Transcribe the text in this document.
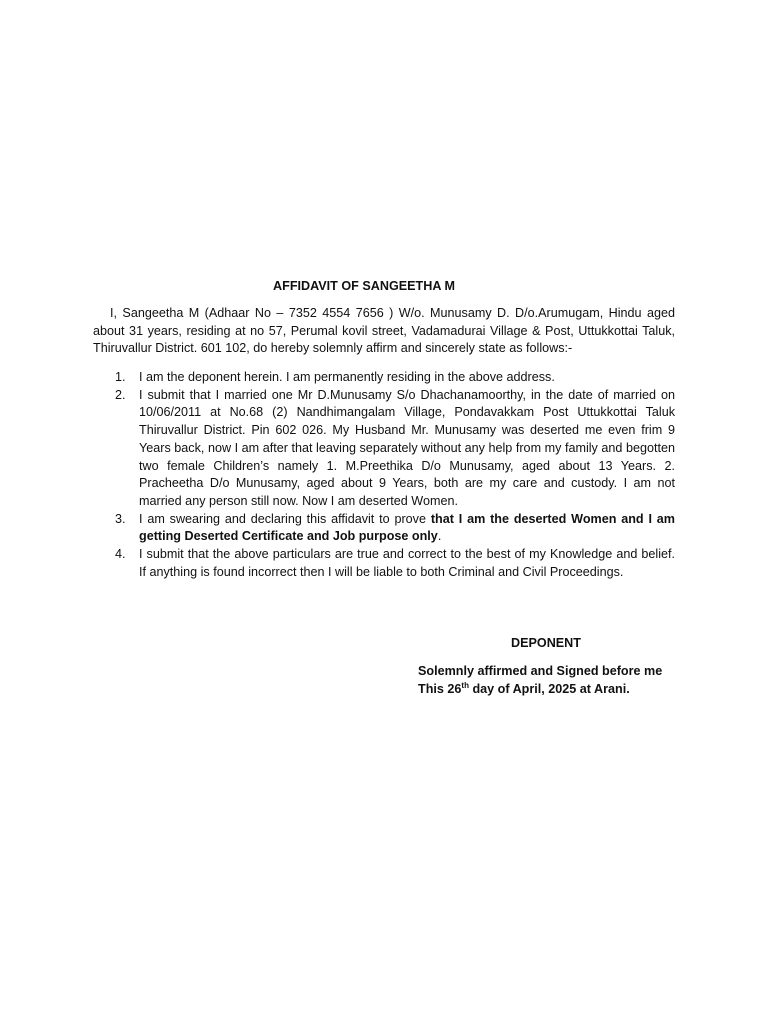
AFFIDAVIT OF SANGEETHA M
I, Sangeetha M (Adhaar No – 7352 4554 7656 ) W/o. Munusamy D. D/o.Arumugam, Hindu aged about 31 years, residing at no 57, Perumal kovil street, Vadamadurai Village & Post, Uttukkottai Taluk, Thiruvallur District. 601 102, do hereby solemnly affirm and sincerely state as follows:-
1. I am the deponent herein. I am permanently residing in the above address.
2. I submit that I married one Mr D.Munusamy S/o Dhachanamoorthy, in the date of married on 10/06/2011 at No.68 (2) Nandhimangalam Village, Pondavakkam Post Uttukkottai Taluk Thiruvallur District. Pin 602 026. My Husband Mr. Munusamy was deserted me even frim 9 Years back, now I am after that leaving separately without any help from my family and begotten two female Children’s namely 1. M.Preethika D/o Munusamy, aged about 13 Years. 2. Pracheetha D/o Munusamy, aged about 9 Years, both are my care and custody. I am not married any person still now. Now I am deserted Women.
3. I am swearing and declaring this affidavit to prove that I am the deserted Women and I am getting Deserted Certificate and Job purpose only.
4. I submit that the above particulars are true and correct to the best of my Knowledge and belief. If anything is found incorrect then I will be liable to both Criminal and Civil Proceedings.
DEPONENT
Solemnly affirmed and Signed before me
This 26th day of April, 2025 at Arani.
